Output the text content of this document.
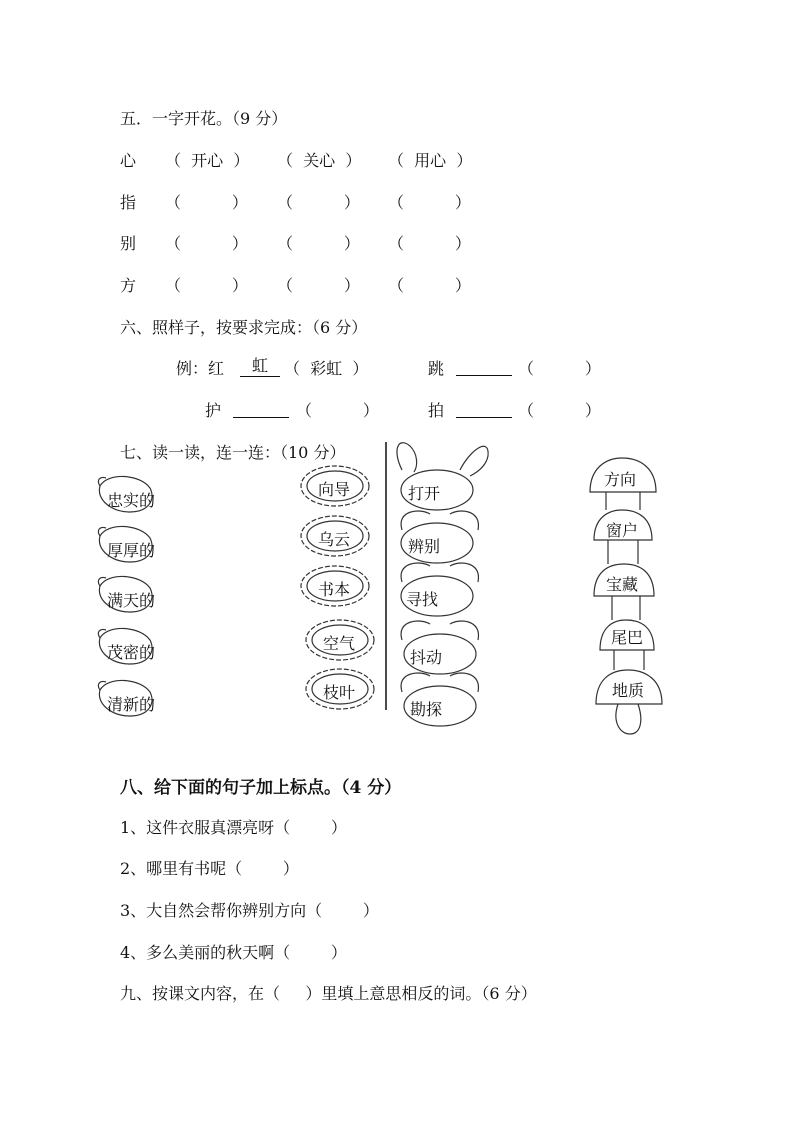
五．一字开花。（9 分）
心 （  开心  ） （  关心  ） （  用心  ）
指 （          ） （          ） （          ）
别 （          ） （          ） （          ）
方 （          ） （          ） （          ）
六、照样子，按要求完成：（6 分）
例：红	虹	（  彩虹  ）	跳	（          ）
护	（          ）	拍	（          ）
七、读一读，连一连：（10 分）
忠实的
厚厚的
满天的
茂密的
清新的
向导
乌云
书本
空气
枝叶
打开
辨别
寻找
抖动
勘探
方向
窗户
宝藏
尾巴
地质
八、给下面的句子加上标点。（4 分）
1、这件衣服真漂亮呀（        ）
2、哪里有书呢（        ）
3、大自然会帮你辨别方向（        ）
4、多么美丽的秋天啊（        ）
九、按课文内容，在（     ）里填上意思相反的词。（6 分）
